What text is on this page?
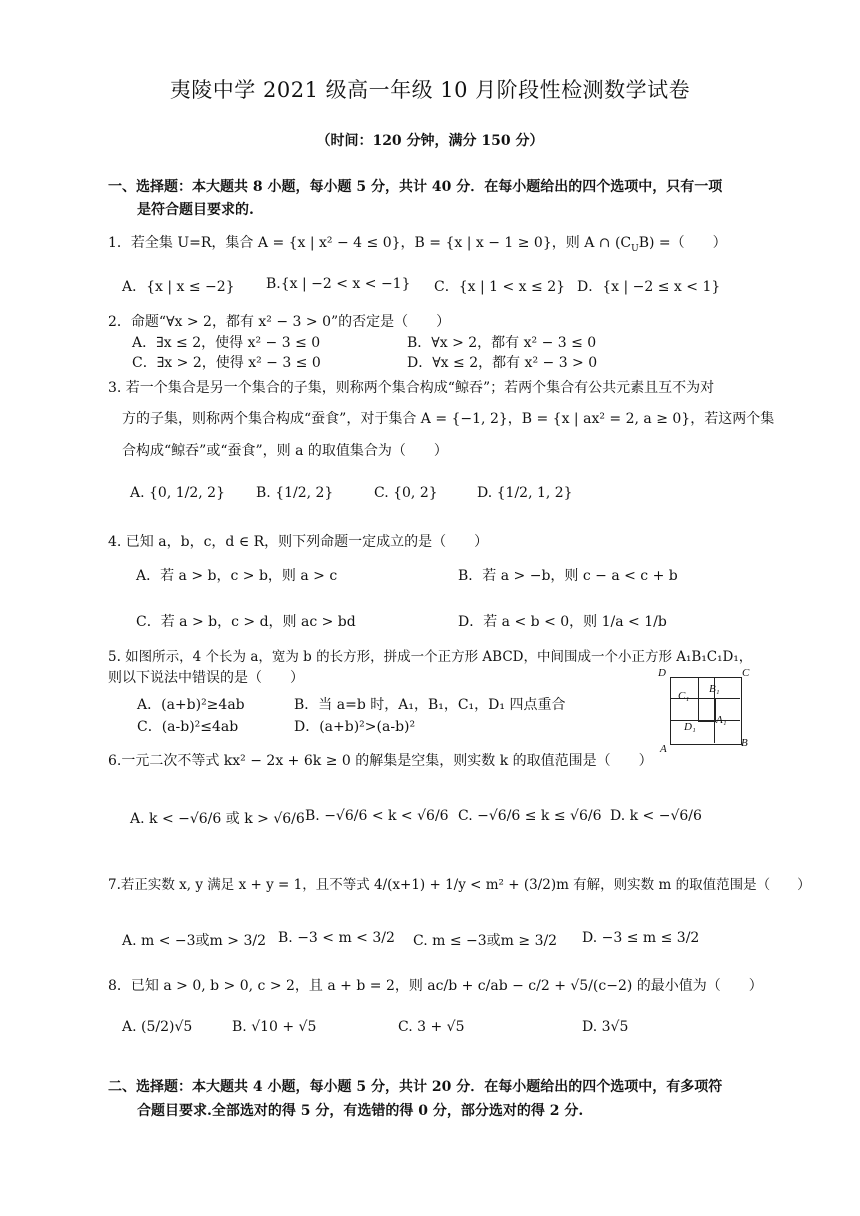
夷陵中学 2021 级高一年级 10 月阶段性检测数学试卷
（时间：120 分钟，满分 150 分）
一、选择题：本大题共 8 小题，每小题 5 分，共计 40 分．在每小题给出的四个选项中，只有一项
是符合题目要求的.
1．若全集 U=R，集合 A = {x | x² − 4 ≤ 0}，B = {x | x − 1 ≥ 0}，则 A ∩ $(C_UB)$ =（　　）
A．{x | x ≤ −2} B.{x | −2 < x < −1} C．{x | 1 < x ≤ 2} D．{x | −2 ≤ x < 1}
2．命题“∀x > 2，都有 x² − 3 > 0”的否定是（　　）
A．∃x ≤ 2，使得 x² − 3 ≤ 0	B．∀x > 2，都有 x² − 3 ≤ 0
C．∃x > 2，使得 x² − 3 ≤ 0	D．∀x ≤ 2，都有 x² − 3 > 0
3. 若一个集合是另一个集合的子集，则称两个集合构成“鲸吞”；若两个集合有公共元素且互不为对
方的子集，则称两个集合构成“蚕食”，对于集合 A = {−1, 2}，B = {x | ax² = 2, a ≥ 0}，若这两个集
合构成“鲸吞”或“蚕食”，则 a 的取值集合为（　　）
A. {0, 1/2, 2} B. {1/2, 2}	C. {0, 2}	D. {1/2, 1, 2}
4. 已知 a，b，c，d ∈ R，则下列命题一定成立的是（　　）
A．若 a > b，c > b，则 a > c	B．若 a > −b，则 c − a < c + b
C．若 a > b，c > d，则 ac > bd	D．若 a < b < 0，则 1/a < 1/b
5. 如图所示，4 个长为 a，宽为 b 的长方形，拼成一个正方形 ABCD，中间围成一个小正方形 A₁B₁C₁D₁，
则以下说法中错误的是（　　）
A．(a+b)²≥4ab	B．当 a=b 时，A₁，B₁，C₁，D₁ 四点重合
C．(a-b)²≤4ab	D．(a+b)²>(a-b)²
D	C
A	B
C₁
B₁
A₁
D₁
6.一元二次不等式 kx² − 2x + 6k ≥ 0 的解集是空集，则实数 k 的取值范围是（　　）
A. k < −√6/6 或 k > √6/6 B. −√6/6 < k < √6/6 C. −√6/6 ≤ k ≤ √6/6 D. k < −√6/6
7.若正实数 x, y 满足 x + y = 1，且不等式 4/(x+1) + 1/y < m² + (3/2)m 有解，则实数 m 的取值范围是（　　）
A. m < −3或m > 3/2 B. −3 < m < 3/2 C. m ≤ −3或m ≥ 3/2 D. −3 ≤ m ≤ 3/2
8．已知 a > 0, b > 0, c > 2，且 a + b = 2，则 ac/b + c/ab − c/2 + √5/(c−2) 的最小值为（　　）
A. (5/2)√5	B. √10 + √5	C. 3 + √5	D. 3√5
二、选择题：本大题共 4 小题，每小题 5 分，共计 20 分．在每小题给出的四个选项中，有多项符
合题目要求.全部选对的得 5 分，有选错的得 0 分，部分选对的得 2 分.
